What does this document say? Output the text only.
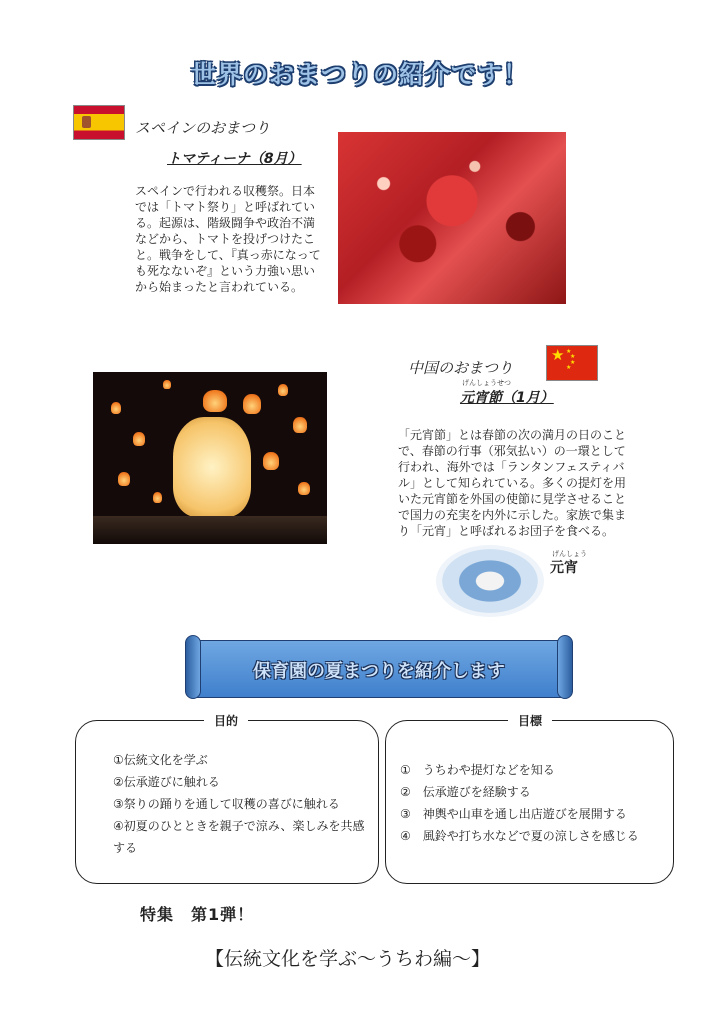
世界のおまつりの紹介です！
スペインのおまつり
トマティーナ（8月）
スペインで行われる収穫祭。日本では「トマト祭り」と呼ばれている。起源は、階級闘争や政治不満などから、トマトを投げつけたこと。戦争をして、『真っ赤になっても死なないぞ』という力強い思いから始まったと言われている。
★ ★
★
★
★
中国のおまつり
げんしょうせつ
元宵節（1月）
「元宵節」とは春節の次の満月の日のことで、春節の行事（邪気払い）の一環として行われ、海外では「ランタンフェスティバル」として知られている。多くの提灯を用いた元宵節を外国の使節に見学させることで国力の充実を内外に示した。家族で集まり「元宵」と呼ばれるお団子を食べる。
げんしょう
元宵
保育園の夏まつりを紹介します
目的
①伝統文化を学ぶ
②伝承遊びに触れる
③祭りの踊りを通して収穫の喜びに触れる
④初夏のひとときを親子で涼み、楽しみを共感する
目標
①　うちわや提灯などを知る
②　伝承遊びを経験する
③　神輿や山車を通し出店遊びを展開する
④　風鈴や打ち水などで夏の涼しさを感じる
特集　第1弾！
【伝統文化を学ぶ～うちわ編～】
